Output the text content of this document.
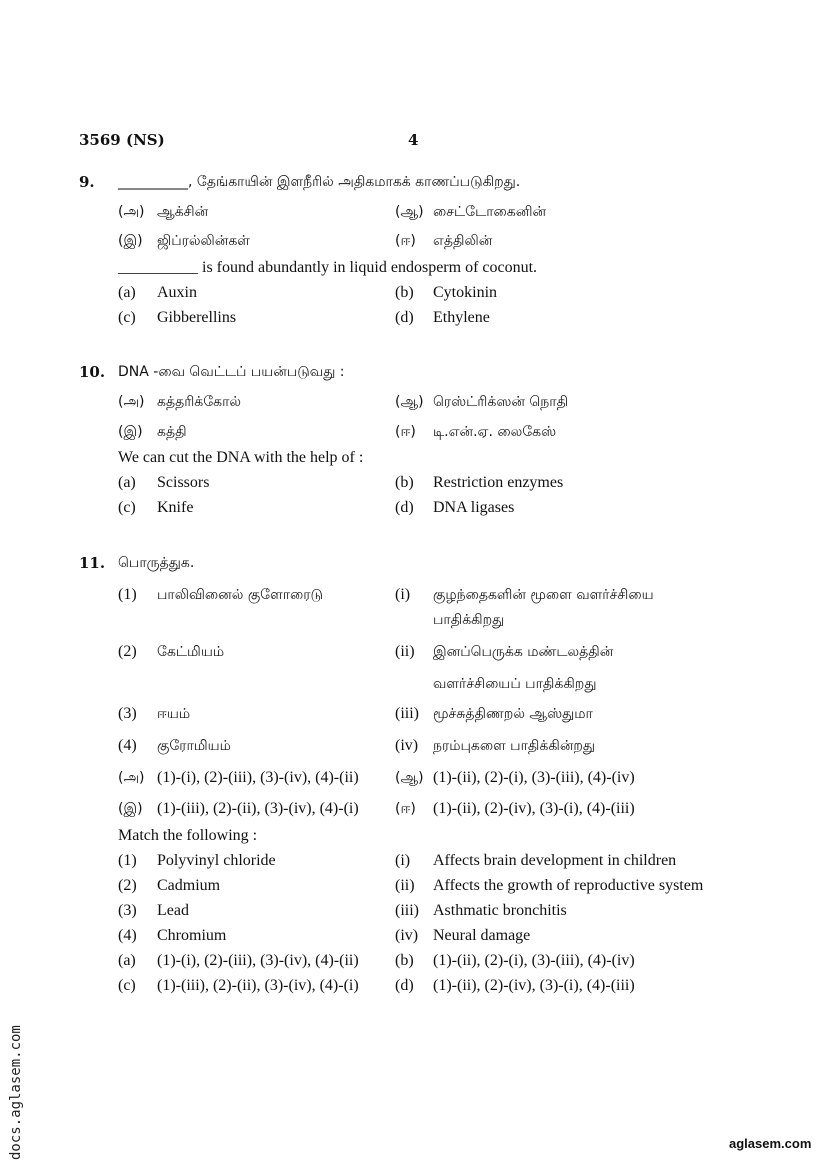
3569 (NS)	4
9. __________, தேங்காயின் இளநீரில் அதிகமாகக் காணப்படுகிறது.
(அ) ஆக்சின்	(ஆ) சைட்டோகைனின்
(இ) ஜிப்ரல்லின்கள்	(ஈ) எத்திலின்
__________ is found abundantly in liquid endosperm of coconut.
(a) Auxin	(b) Cytokinin
(c) Gibberellins	(d) Ethylene
10. DNA -வை வெட்டப் பயன்படுவது :
(அ) கத்தரிக்கோல்	(ஆ) ரெஸ்ட்ரிக்ஸன் நொதி
(இ) கத்தி	(ஈ) டி.என்.ஏ. லைகேஸ்
We can cut the DNA with the help of :
(a) Scissors	(b) Restriction enzymes
(c) Knife	(d) DNA ligases
11. பொருத்துக.
(1) பாலிவினைல் குளோரைடு	(i) குழந்தைகளின் மூளை வளர்ச்சியை
பாதிக்கிறது
(2) கேட்மியம்	(ii) இனப்பெருக்க மண்டலத்தின்
வளர்ச்சியைப் பாதிக்கிறது
(3) ஈயம்	(iii) மூச்சுத்திணறல் ஆஸ்துமா
(4) குரோமியம்	(iv) நரம்புகளை பாதிக்கின்றது
(அ) (1)-(i), (2)-(iii), (3)-(iv), (4)-(ii)	(ஆ) (1)-(ii), (2)-(i), (3)-(iii), (4)-(iv)
(இ) (1)-(iii), (2)-(ii), (3)-(iv), (4)-(i)	(ஈ) (1)-(ii), (2)-(iv), (3)-(i), (4)-(iii)
Match the following :
(1) Polyvinyl chloride	(i) Affects brain development in children
(2) Cadmium	(ii) Affects the growth of reproductive system
(3) Lead	(iii) Asthmatic bronchitis
(4) Chromium	(iv) Neural damage
(a) (1)-(i), (2)-(iii), (3)-(iv), (4)-(ii) (b) (1)-(ii), (2)-(i), (3)-(iii), (4)-(iv)
(c) (1)-(iii), (2)-(ii), (3)-(iv), (4)-(i) (d) (1)-(ii), (2)-(iv), (3)-(i), (4)-(iii)
docs.aglasem.com	aglasem.com
